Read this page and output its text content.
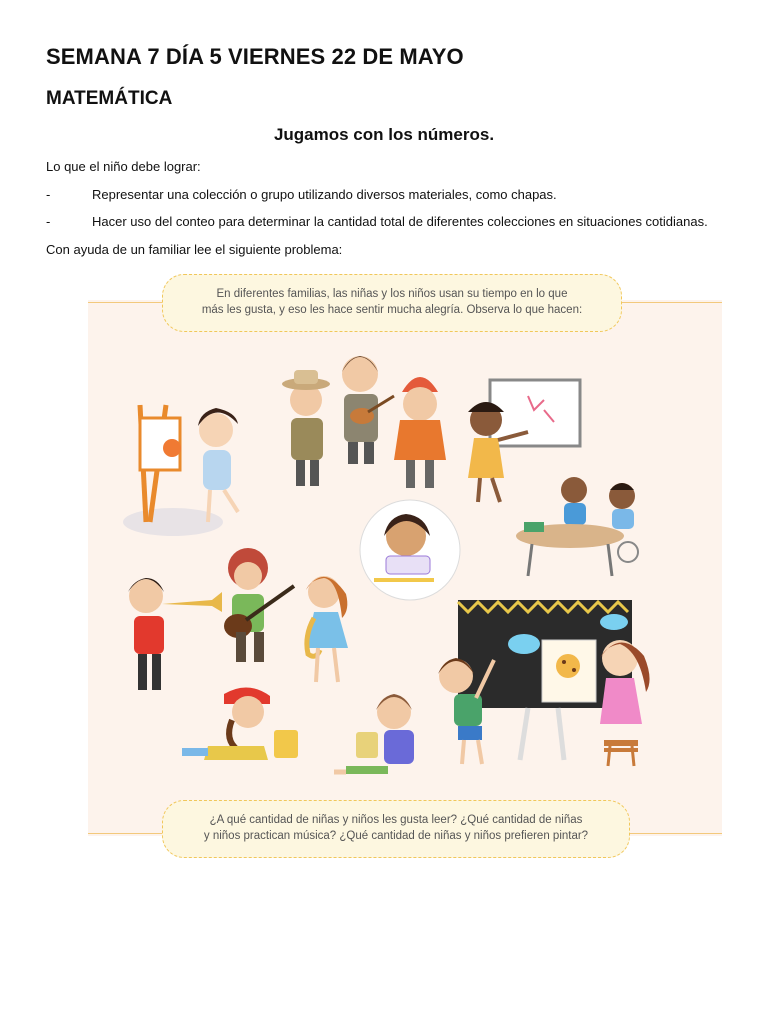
SEMANA 7 DÍA 5 VIERNES 22 DE MAYO
MATEMÁTICA
Jugamos con los números.
Lo que el niño debe lograr:
-	Representar una colección o grupo utilizando diversos materiales, como chapas.
-	Hacer uso del conteo para determinar la cantidad total de diferentes colecciones en situaciones cotidianas.
Con ayuda de un familiar lee el siguiente problema:
En diferentes familias, las niñas y los niños usan su tiempo en lo que
más les gusta, y eso les hace sentir mucha alegría. Observa lo que hacen:
¿A qué cantidad de niñas y niños les gusta leer? ¿Qué cantidad de niñas
y niños practican música? ¿Qué cantidad de niñas y niños prefieren pintar?
